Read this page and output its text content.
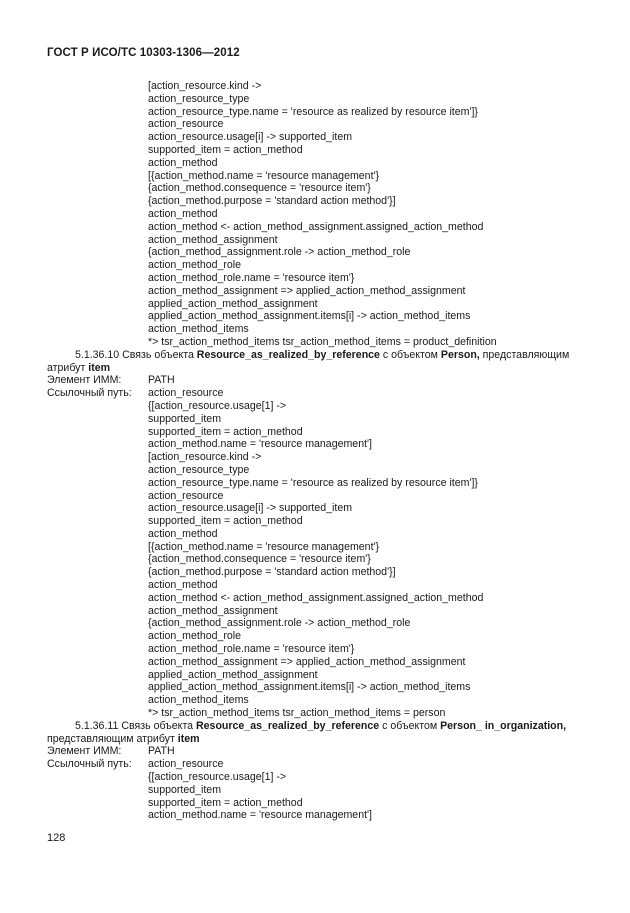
ГОСТ Р ИСО/ТС 10303-1306—2012
[action_resource.kind ->
action_resource_type
action_resource_type.name = 'resource as realized by resource item']}
action_resource
action_resource.usage[i] -> supported_item
supported_item = action_method
action_method
[{action_method.name = 'resource management'}
{action_method.consequence = 'resource item'}
{action_method.purpose = 'standard action method'}]
action_method
action_method <- action_method_assignment.assigned_action_method
action_method_assignment
{action_method_assignment.role -> action_method_role
action_method_role
action_method_role.name = 'resource item'}
action_method_assignment => applied_action_method_assignment
applied_action_method_assignment
applied_action_method_assignment.items[i] -> action_method_items
action_method_items
*> tsr_action_method_items tsr_action_method_items = product_definition
5.1.36.10 Связь объекта Resource_as_realized_by_reference с объектом Person, представляющим атрибут item
Элемент ИММ:	PATH
Ссылочный путь:	action_resource
{[action_resource.usage[1] ->
supported_item
supported_item = action_method
action_method.name = 'resource management']
[action_resource.kind ->
action_resource_type
action_resource_type.name = 'resource as realized by resource item']}
action_resource
action_resource.usage[i] -> supported_item
supported_item = action_method
action_method
[{action_method.name = 'resource management'}
{action_method.consequence = 'resource item'}
{action_method.purpose = 'standard action method'}]
action_method
action_method <- action_method_assignment.assigned_action_method
action_method_assignment
{action_method_assignment.role -> action_method_role
action_method_role
action_method_role.name = 'resource item'}
action_method_assignment => applied_action_method_assignment
applied_action_method_assignment
applied_action_method_assignment.items[i] -> action_method_items
action_method_items
*> tsr_action_method_items tsr_action_method_items = person
5.1.36.11 Связь объекта Resource_as_realized_by_reference с объектом Person_ in_organization, представляющим атрибут item
Элемент ИММ:	PATH
Ссылочный путь:	action_resource
{[action_resource.usage[1] ->
supported_item
supported_item = action_method
action_method.name = 'resource management']
128
